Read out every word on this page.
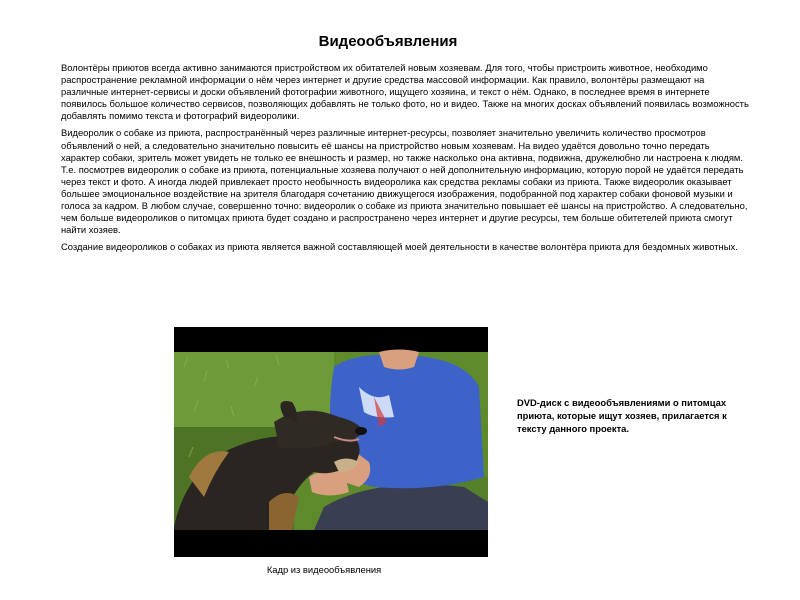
Видеообъявления

Волонтёры приютов всегда активно занимаются пристройством их обитателей новым хозяевам. Для того, чтобы пристроить животное, необходимо распространение рекламной информации о нём через интернет и другие средства массовой информации. Как правило, волонтёры размещают на различные интернет-сервисы и доски объявлений фотографии животного, ищущего хозяина, и текст о нём. Однако, в последнее время в интернете появилось большое количество сервисов, позволяющих добавлять не только фото, но и видео. Также на многих досках объявлений появилась возможность добавлять помимо текста и фотографий видеоролики.

Видеоролик о собаке из приюта, распространённый через различные интернет-ресурсы, позволяет значительно увеличить количество просмотров объявлений о ней, а следовательно значительно повысить её шансы на пристройство новым хозяевам. На видео удаётся довольно точно передать характер собаки, зритель может увидеть не только ее внешность и размер, но также насколько она активна, подвижна, дружелюбно ли настроена к людям. Т.е. посмотрев видеоролик о собаке из приюта, потенциальные хозяева получают о ней дополнительную информацию, которую порой не удаётся передать через текст и фото. А иногда людей привлекает просто необычность видеоролика как средства рекламы собаки из приюта. Также видеоролик оказывает большее эмоциональное воздействие на зрителя благодаря сочетанию движущегося изображения, подобранной под характер собаки фоновой музыки и голоса за кадром. В любом случае, совершенно точно: видеоролик о собаке из приюта значительно повышает её шансы на пристройство. А следовательно, чем больше видеороликов о питомцах приюта будет создано и распространено через интернет и другие ресурсы, тем больше обитетелей приюта смогут найти хозяев.

Создание видеороликов о собаках из приюта является важной составляющей моей деятельности в качестве волонтёра приюта для бездомных животных.

DVD-диск с видеообъявлениями о питомцах приюта, которые ищут хозяев, прилагается к тексту данного проекта.
Кадр из видеообъявления
